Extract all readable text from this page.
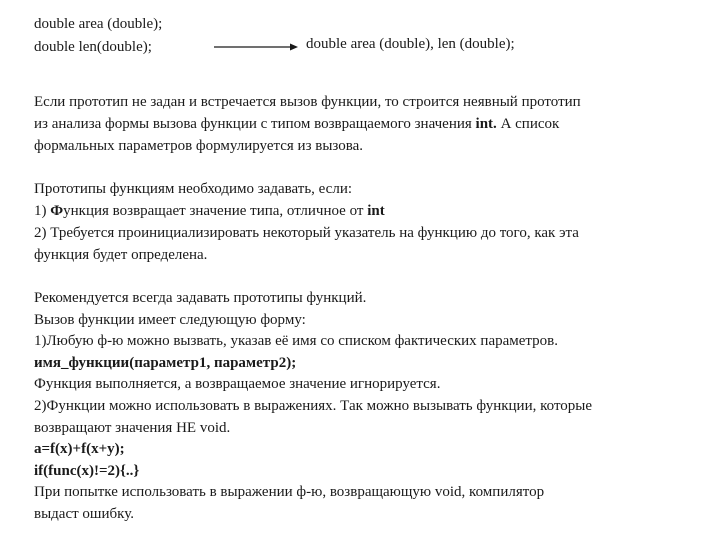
double area (double);
double len(double);	double area (double), len (double);
Если прототип не задан и встречается вызов функции, то строится неявный прототип
из анализа формы вызова функции с типом возвращаемого значения int. А список
формальных параметров формулируется из вызова.
Прототипы функциям необходимо задавать, если:
1) Функция возвращает значение типа, отличное от int
2) Требуется проинициализировать некоторый указатель на функцию до того, как эта
функция будет определена.
Рекомендуется всегда задавать прототипы функций.
Вызов функции имеет следующую форму:
1)Любую ф-ю можно вызвать, указав её имя со списком фактических параметров.
имя_функции(параметр1, параметр2);
Функция выполняется, а возвращаемое значение игнорируется.
2)Функции можно использовать в выражениях. Так можно вызывать функции, которые
возвращают значения НЕ void.
a=f(x)+f(x+y);
if(func(x)!=2){..}
При попытке использовать в выражении ф-ю, возвращающую void, компилятор
выдаст ошибку.
